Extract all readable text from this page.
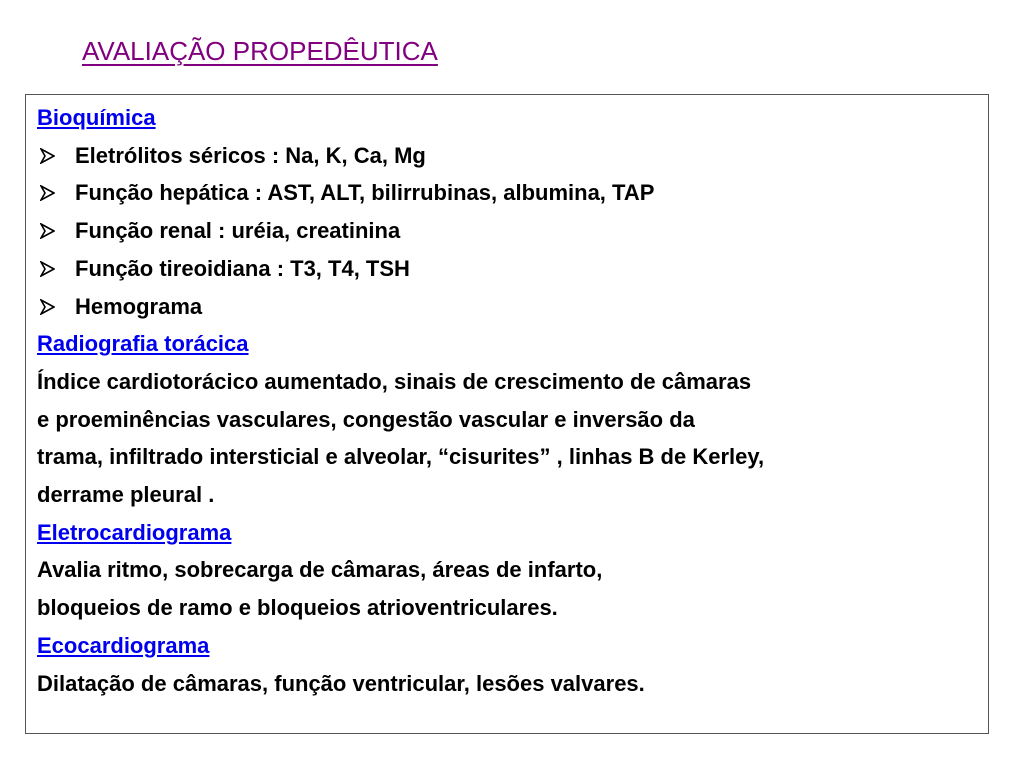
AVALIAÇÃO PROPEDÊUTICA
Bioquímica
Eletrólitos séricos : Na, K, Ca, Mg
Função hepática : AST, ALT, bilirrubinas, albumina, TAP
Função renal : uréia, creatinina
Função tireoidiana : T3, T4, TSH
Hemograma
Radiografia torácica
Índice cardiotorácico aumentado, sinais de crescimento de câmaras
e proeminências vasculares, congestão vascular e inversão da
trama, infiltrado intersticial e alveolar, “cisurites” , linhas B de Kerley,
derrame pleural .
Eletrocardiograma
Avalia ritmo, sobrecarga de câmaras, áreas de infarto,
bloqueios de ramo e bloqueios atrioventriculares.
Ecocardiograma
Dilatação de câmaras, função ventricular, lesões valvares.
